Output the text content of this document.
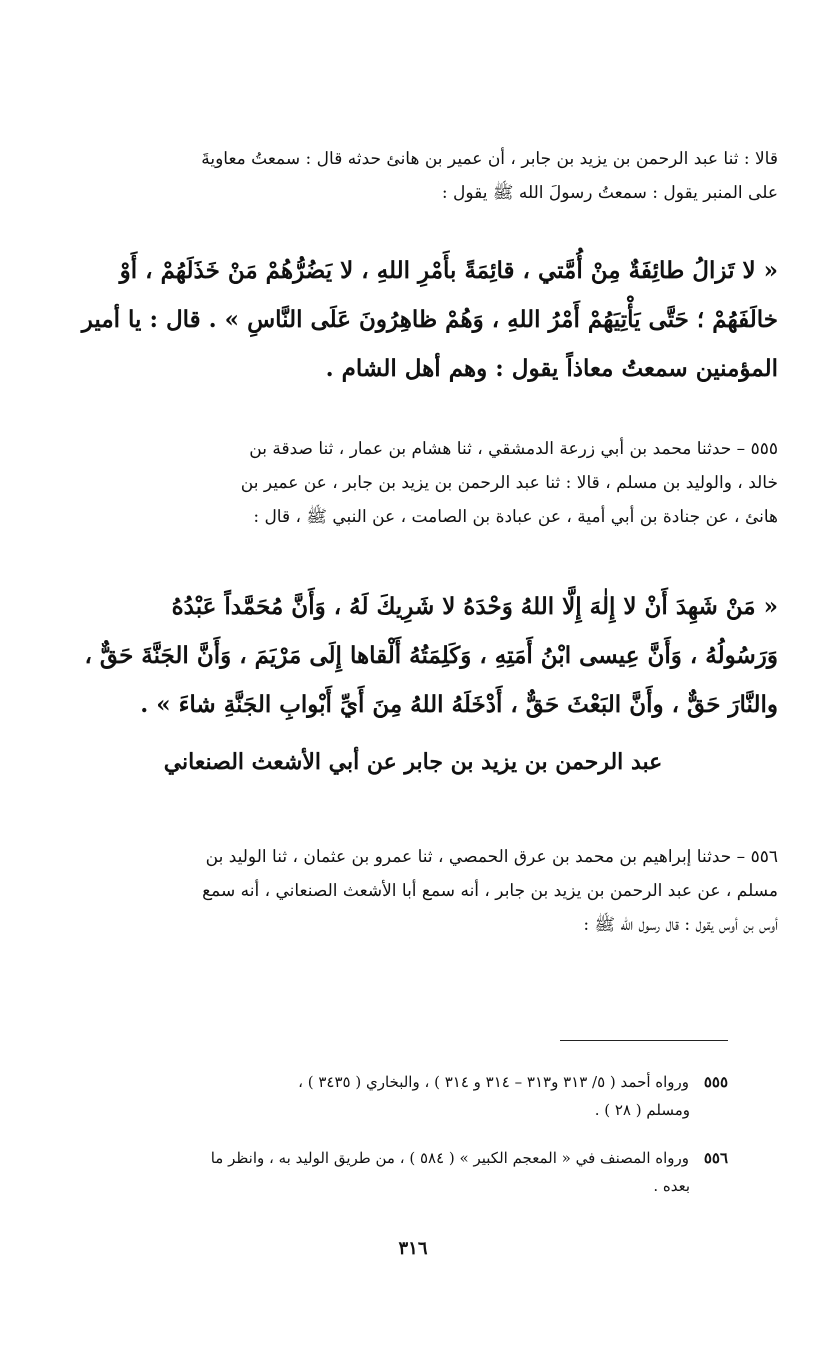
قالا : ثنا عبد الرحمن بن يزيد بن جابر ، أن عمير بن هانئ حدثه قال : سمعتُ معاويةَ
على المنبر يقول : سمعتُ رسولَ الله ﷺ يقول :
« لا تَزالُ طائِفَةٌ مِنْ أُمَّتي ، قائِمَةً بأَمْرِ اللهِ ، لا يَضُرُّهُمْ مَنْ خَذَلَهُمْ ، أَوْ
خالَفَهُمْ ؛ حَتَّى يَأْتِيَهُمْ أَمْرُ اللهِ ، وَهُمْ ظاهِرُونَ عَلَى النَّاسِ » . قال : يا أمير
المؤمنين سمعتُ معاذاً يقول : وهم أهل الشام .
٥٥٥ – حدثنا محمد بن أبي زرعة الدمشقي ، ثنا هشام بن عمار ، ثنا صدقة بن
خالد ، والوليد بن مسلم ، قالا : ثنا عبد الرحمن بن يزيد بن جابر ، عن عمير بن
هانئ ، عن جنادة بن أبي أمية ، عن عبادة بن الصامت ، عن النبي ﷺ ، قال :
« مَنْ شَهِدَ أَنْ لا إِلٰهَ إِلَّا اللهُ وَحْدَهُ لا شَرِيكَ لَهُ ، وَأَنَّ مُحَمَّداً عَبْدُهُ
وَرَسُولُهُ ، وَأَنَّ عِيسى ابْنُ أَمَتِهِ ، وَكَلِمَتُهُ أَلْقاها إِلَى مَرْيَمَ ، وَأَنَّ الجَنَّةَ حَقٌّ ،
والنَّارَ حَقٌّ ، وأَنَّ البَعْثَ حَقٌّ ، أَدْخَلَهُ اللهُ مِنَ أَيِّ أَبْوابِ الجَنَّةِ شاءَ » .
عبد الرحمن بن يزيد بن جابر عن أبي الأشعث الصنعاني
٥٥٦ – حدثنا إبراهيم بن محمد بن عرق الحمصي ، ثنا عمرو بن عثمان ، ثنا الوليد بن
مسلم ، عن عبد الرحمن بن يزيد بن جابر ، أنه سمع أبا الأشعث الصنعاني ، أنه سمع
أوس بن أوس يقول : قال رسول الله ﷺ :
٥٥٥ ورواه أحمد ( ٥/ ٣١٣ و٣١٣ – ٣١٤ و ٣١٤ ) ، والبخاري ( ٣٤٣٥ ) ،
ومسلم ( ٢٨ ) .
٥٥٦ ورواه المصنف في « المعجم الكبير » ( ٥٨٤ ) ، من طريق الوليد به ، وانظر ما
بعده .
٣١٦
